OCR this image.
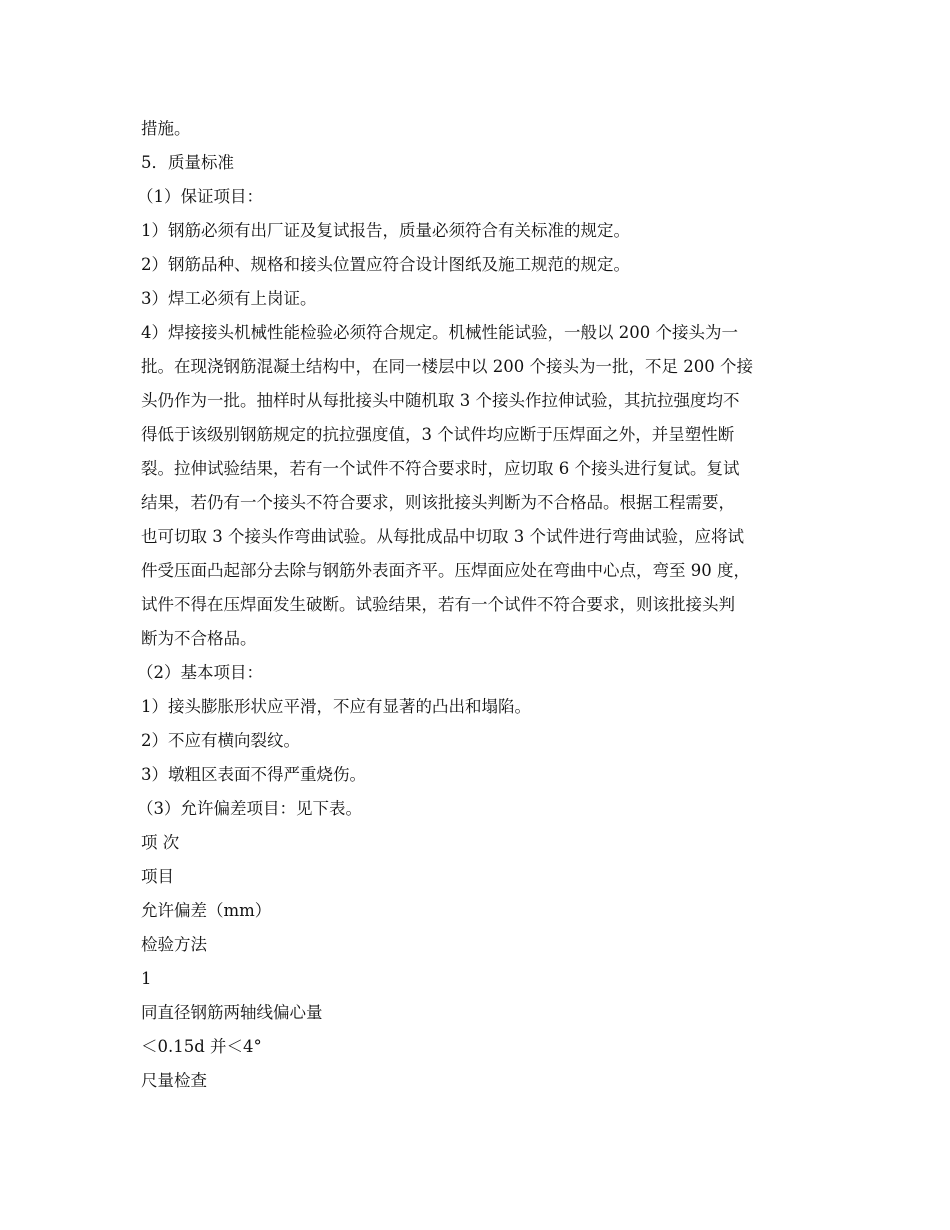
措施。
5．质量标准
（1）保证项目：
1）钢筋必须有出厂证及复试报告，质量必须符合有关标准的规定。
2）钢筋品种、规格和接头位置应符合设计图纸及施工规范的规定。
3）焊工必须有上岗证。
4）焊接接头机械性能检验必须符合规定。机械性能试验，一般以 200 个接头为一
批。在现浇钢筋混凝土结构中，在同一楼层中以 200 个接头为一批，不足 200 个接
头仍作为一批。抽样时从每批接头中随机取 3 个接头作拉伸试验，其抗拉强度均不
得低于该级别钢筋规定的抗拉强度值，3 个试件均应断于压焊面之外，并呈塑性断
裂。拉伸试验结果，若有一个试件不符合要求时，应切取 6 个接头进行复试。复试
结果，若仍有一个接头不符合要求，则该批接头判断为不合格品。根据工程需要，
也可切取 3 个接头作弯曲试验。从每批成品中切取 3 个试件进行弯曲试验，应将试
件受压面凸起部分去除与钢筋外表面齐平。压焊面应处在弯曲中心点，弯至 90 度，
试件不得在压焊面发生破断。试验结果，若有一个试件不符合要求，则该批接头判
断为不合格品。
（2）基本项目：
1）接头膨胀形状应平滑，不应有显著的凸出和塌陷。
2）不应有横向裂纹。
3）墩粗区表面不得严重烧伤。
（3）允许偏差项目：见下表。
项 次
项目
允许偏差（mm）
检验方法
1
同直径钢筋两轴线偏心量
＜0.15d 并＜4°
尺量检查
